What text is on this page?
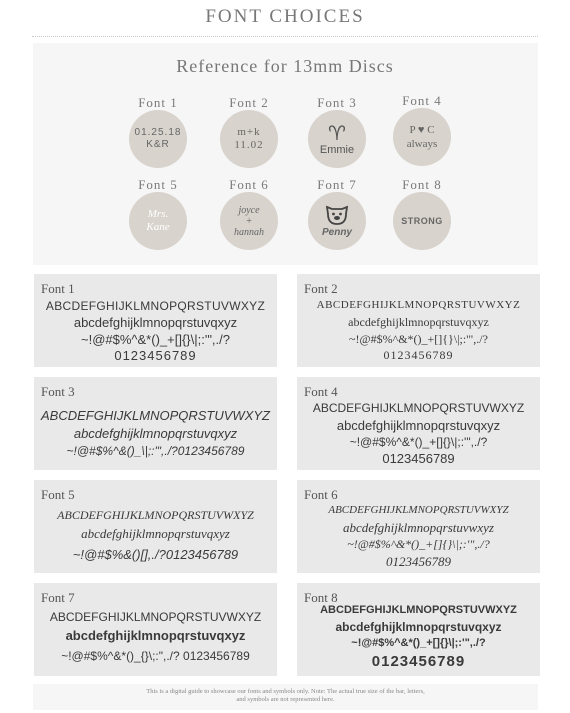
FONT CHOICES
Reference for 13mm Discs
Font 1
01.25.18
K&R
Font 2
m+k
11.02
Font 3
♈
Emmie
Font 4
P ♥ C
always
Font 5
Mrs.
Kane
Font 6
joyce
+
hannah
Font 7
Penny
Font 8
STRONG
Font 1
ABCDEFGHIJKLMNOPQRSTUVWXYZ
abcdefghijklmnopqrstuvqxyz
~!@#$%^&*()_+[]{}\|;:'",./?
0123456789
Font 2
ABCDEFGHIJKLMNOPQRSTUVWXYZ
abcdefghijklmnopqrstuvqxyz
~!@#$%^&*()_+[]{}\|;:'",./?
0123456789
Font 3
ABCDEFGHIJKLMNOPQRSTUVWXYZ
abcdefghijklmnopqrstuvqxyz
~!@#$%^&()_\|;:'",./?0123456789
Font 4
ABCDEFGHIJKLMNOPQRSTUVWXYZ
abcdefghijklmnopqrstuvqxyz
~!@#$%^&*()_+[]{}\|;:'",./?
0123456789
Font 5
ABCDEFGHIJKLMNOPQRSTUVWXYZ
abcdefghijklmnopqrstuvqxyz
~!@#$%&()[],./?0123456789
Font 6
ABCDEFGHIJKLMNOPQRSTUVWXYZ
abcdefghijklmnopqrstuvwxyz
~!@#$%^&*()_+[]{}\|;:'",./?
0123456789
Font 7
ABCDEFGHIJKLMNOPQRSTUVWXYZ
abcdefghijklmnopqrstuvqxyz
~!@#$%^&*()_{}\;:",./? 0123456789
Font 8
ABCDEFGHIJKLMNOPQRSTUVWXYZ
abcdefghijklmnopqrstuvqxyz
~!@#$%^&*()_+[]{}\|;:'",./?
0123456789
This is a digital guide to showcase our fonts and symbols only. Note: The actual true size of the bar, letters,
and symbols are not represented here.
